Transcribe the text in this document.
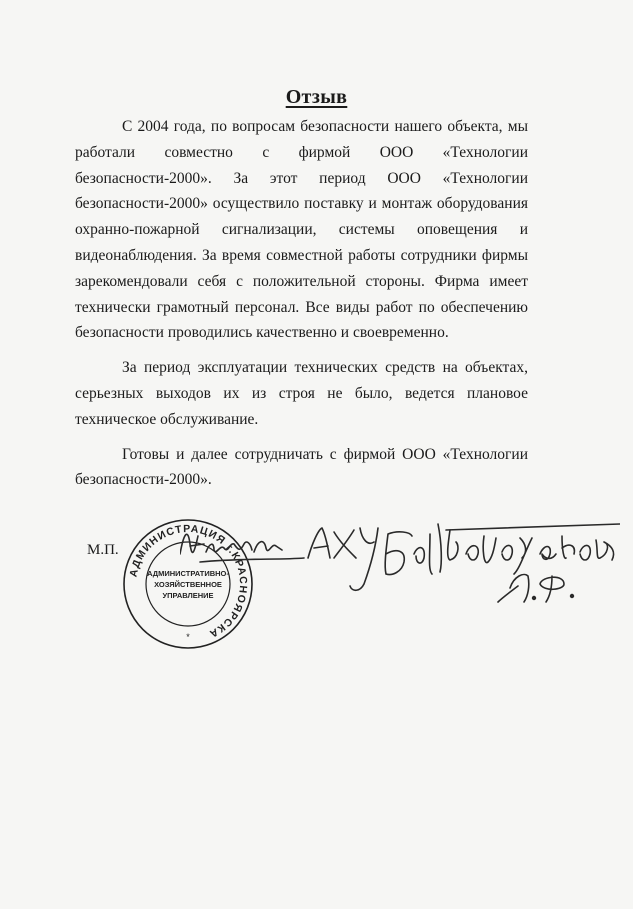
Отзыв

С 2004 года, по вопросам безопасности нашего объекта, мы работали совместно с фирмой ООО «Технологии безопасности-2000». За этот период ООО «Технологии безопасности-2000» осуществило поставку и монтаж оборудования охранно-пожарной сигнализации, системы оповещения и видеонаблюдения. За время совместной работы сотрудники фирмы зарекомендовали себя с положительной стороны. Фирма имеет технически грамотный персонал. Все виды работ по обеспечению безопасности проводились качественно и своевременно.

За период эксплуатации технических средств на объектах, серьезных выходов их из строя не было, ведется плановое техническое обслуживание.

Готовы и далее сотрудничать с фирмой ООО «Технологии безопасности-2000».

М.П.
АДМИНИСТРАЦИЯ г.КРАСНОЯРСКА
АДМИНИСТРАТИВНО-
ХОЗЯЙСТВЕННОЕ
УПРАВЛЕНИЕ
*
